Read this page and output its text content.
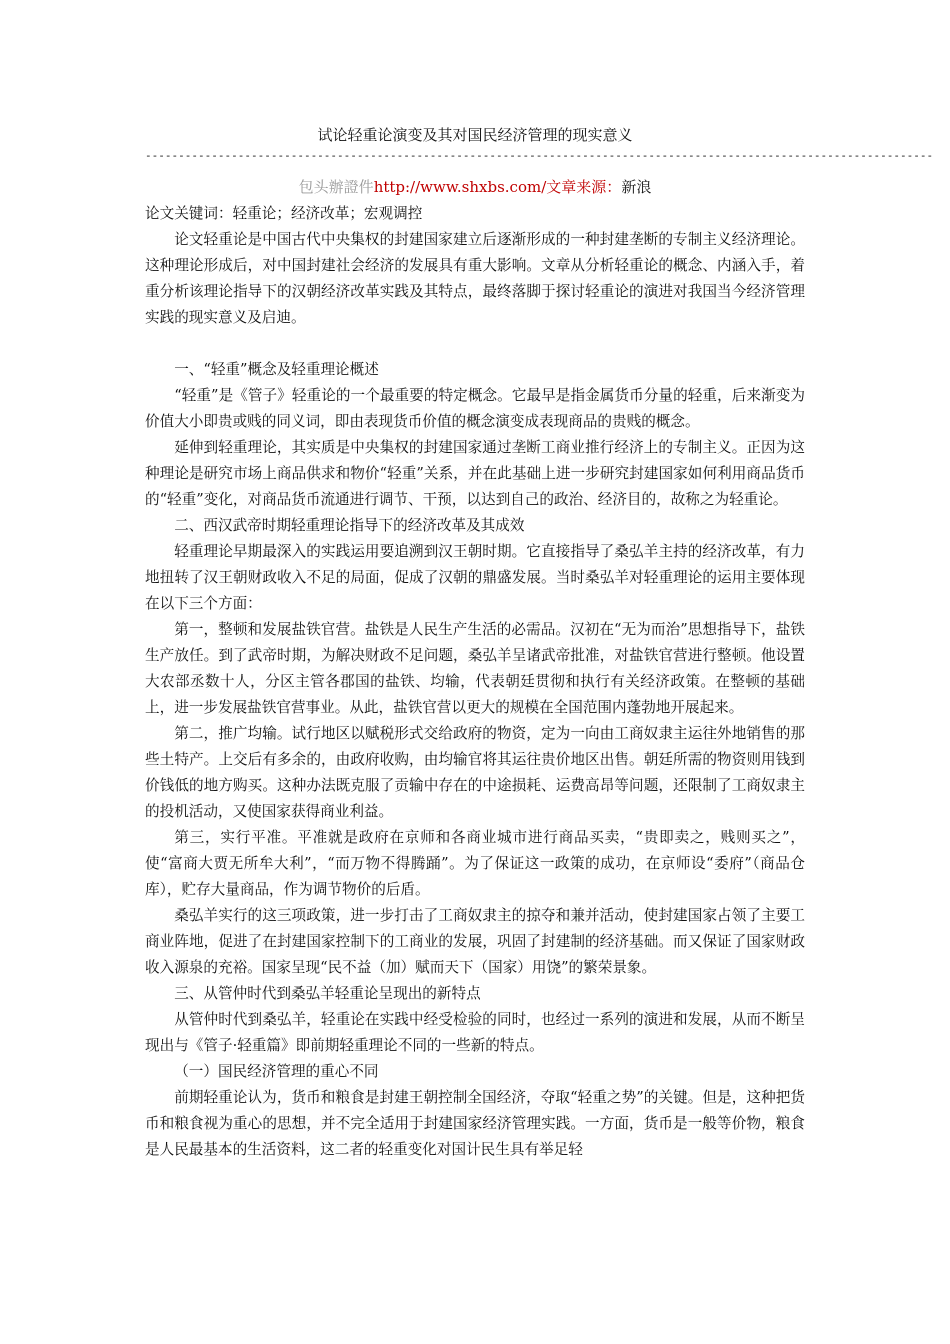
试论轻重论演变及其对国民经济管理的现实意义
-----------------------------------------------------------------------------------------------------------------------
包头辦證件http://www.shxbs.com/文章来源：新浪

论文关键词：轻重论；经济改革；宏观调控

论文轻重论是中国古代中央集权的封建国家建立后逐渐形成的一种封建垄断的专制主义经济理论。这种理论形成后，对中国封建社会经济的发展具有重大影响。文章从分析轻重论的概念、内涵入手，着重分析该理论指导下的汉朝经济改革实践及其特点，最终落脚于探讨轻重论的演进对我国当今经济管理实践的现实意义及启迪。

一、“轻重”概念及轻重理论概述

“轻重”是《管子》轻重论的一个最重要的特定概念。它最早是指金属货币分量的轻重，后来渐变为价值大小即贵或贱的同义词，即由表现货币价值的概念演变成表现商品的贵贱的概念。

延伸到轻重理论，其实质是中央集权的封建国家通过垄断工商业推行经济上的专制主义。正因为这种理论是研究市场上商品供求和物价“轻重”关系，并在此基础上进一步研究封建国家如何利用商品货币的“轻重”变化，对商品货币流通进行调节、干预，以达到自己的政治、经济目的，故称之为轻重论。

二、西汉武帝时期轻重理论指导下的经济改革及其成效

轻重理论早期最深入的实践运用要追溯到汉王朝时期。它直接指导了桑弘羊主持的经济改革，有力地扭转了汉王朝财政收入不足的局面，促成了汉朝的鼎盛发展。当时桑弘羊对轻重理论的运用主要体现在以下三个方面：

第一，整顿和发展盐铁官营。盐铁是人民生产生活的必需品。汉初在“无为而治”思想指导下，盐铁生产放任。到了武帝时期，为解决财政不足问题，桑弘羊呈诸武帝批准，对盐铁官营进行整顿。他设置大农部丞数十人，分区主管各郡国的盐铁、均输，代表朝廷贯彻和执行有关经济政策。在整顿的基础上，进一步发展盐铁官营事业。从此，盐铁官营以更大的规模在全国范围内蓬勃地开展起来。

第二，推广均输。试行地区以赋税形式交给政府的物资，定为一向由工商奴隶主运往外地销售的那些土特产。上交后有多余的，由政府收购，由均输官将其运往贵价地区出售。朝廷所需的物资则用钱到价钱低的地方购买。这种办法既克服了贡输中存在的中途损耗、运费高昂等问题，还限制了工商奴隶主的投机活动，又使国家获得商业利益。

第三，实行平准。平准就是政府在京师和各商业城市进行商品买卖，“贵即卖之，贱则买之”，使“富商大贾无所牟大利”，“而万物不得腾踊”。为了保证这一政策的成功，在京师设“委府”（商品仓库），贮存大量商品，作为调节物价的后盾。

桑弘羊实行的这三项政策，进一步打击了工商奴隶主的掠夺和兼并活动，使封建国家占领了主要工商业阵地，促进了在封建国家控制下的工商业的发展，巩固了封建制的经济基础。而又保证了国家财政收入源泉的充裕。国家呈现“民不益（加）赋而天下（国家）用饶”的繁荣景象。

三、从管仲时代到桑弘羊轻重论呈现出的新特点

从管仲时代到桑弘羊，轻重论在实践中经受检验的同时，也经过一系列的演进和发展，从而不断呈现出与《管子·轻重篇》即前期轻重理论不同的一些新的特点。

（一）国民经济管理的重心不同

前期轻重论认为，货币和粮食是封建王朝控制全国经济，夺取“轻重之势”的关键。但是，这种把货币和粮食视为重心的思想，并不完全适用于封建国家经济管理实践。一方面，货币是一般等价物，粮食是人民最基本的生活资料，这二者的轻重变化对国计民生具有举足轻
